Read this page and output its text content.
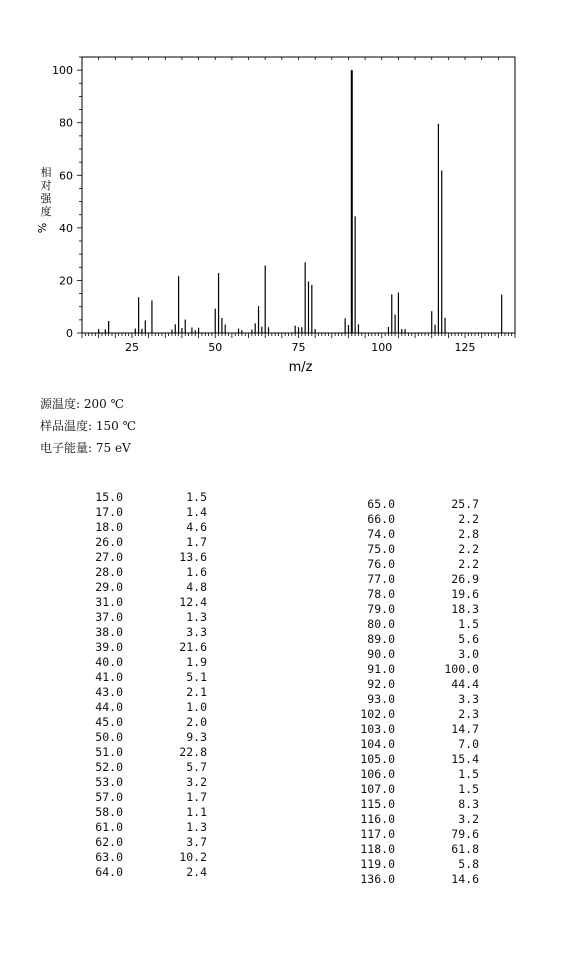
25	50	75	100	125
0
20
40
60
80
100
m/z
相
对
强
度
%
源温度: 200 ℃
样品温度: 150 ℃
电子能量: 75 eV
15.0	1.5
17.0	1.4
18.0	4.6
26.0	1.7
27.0	13.6
28.0	1.6
29.0	4.8
31.0	12.4
37.0	1.3
38.0	3.3
39.0	21.6
40.0	1.9
41.0	5.1
43.0	2.1
44.0	1.0
45.0	2.0
50.0	9.3
51.0	22.8
52.0	5.7
53.0	3.2
57.0	1.7
58.0	1.1
61.0	1.3
62.0	3.7
63.0	10.2
64.0	2.4
65.0	25.7
66.0	2.2
74.0	2.8
75.0	2.2
76.0	2.2
77.0	26.9
78.0	19.6
79.0	18.3
80.0	1.5
89.0	5.6
90.0	3.0
91.0	100.0
92.0	44.4
93.0	3.3
102.0	2.3
103.0	14.7
104.0	7.0
105.0	15.4
106.0	1.5
107.0	1.5
115.0	8.3
116.0	3.2
117.0	79.6
118.0	61.8
119.0	5.8
136.0	14.6
